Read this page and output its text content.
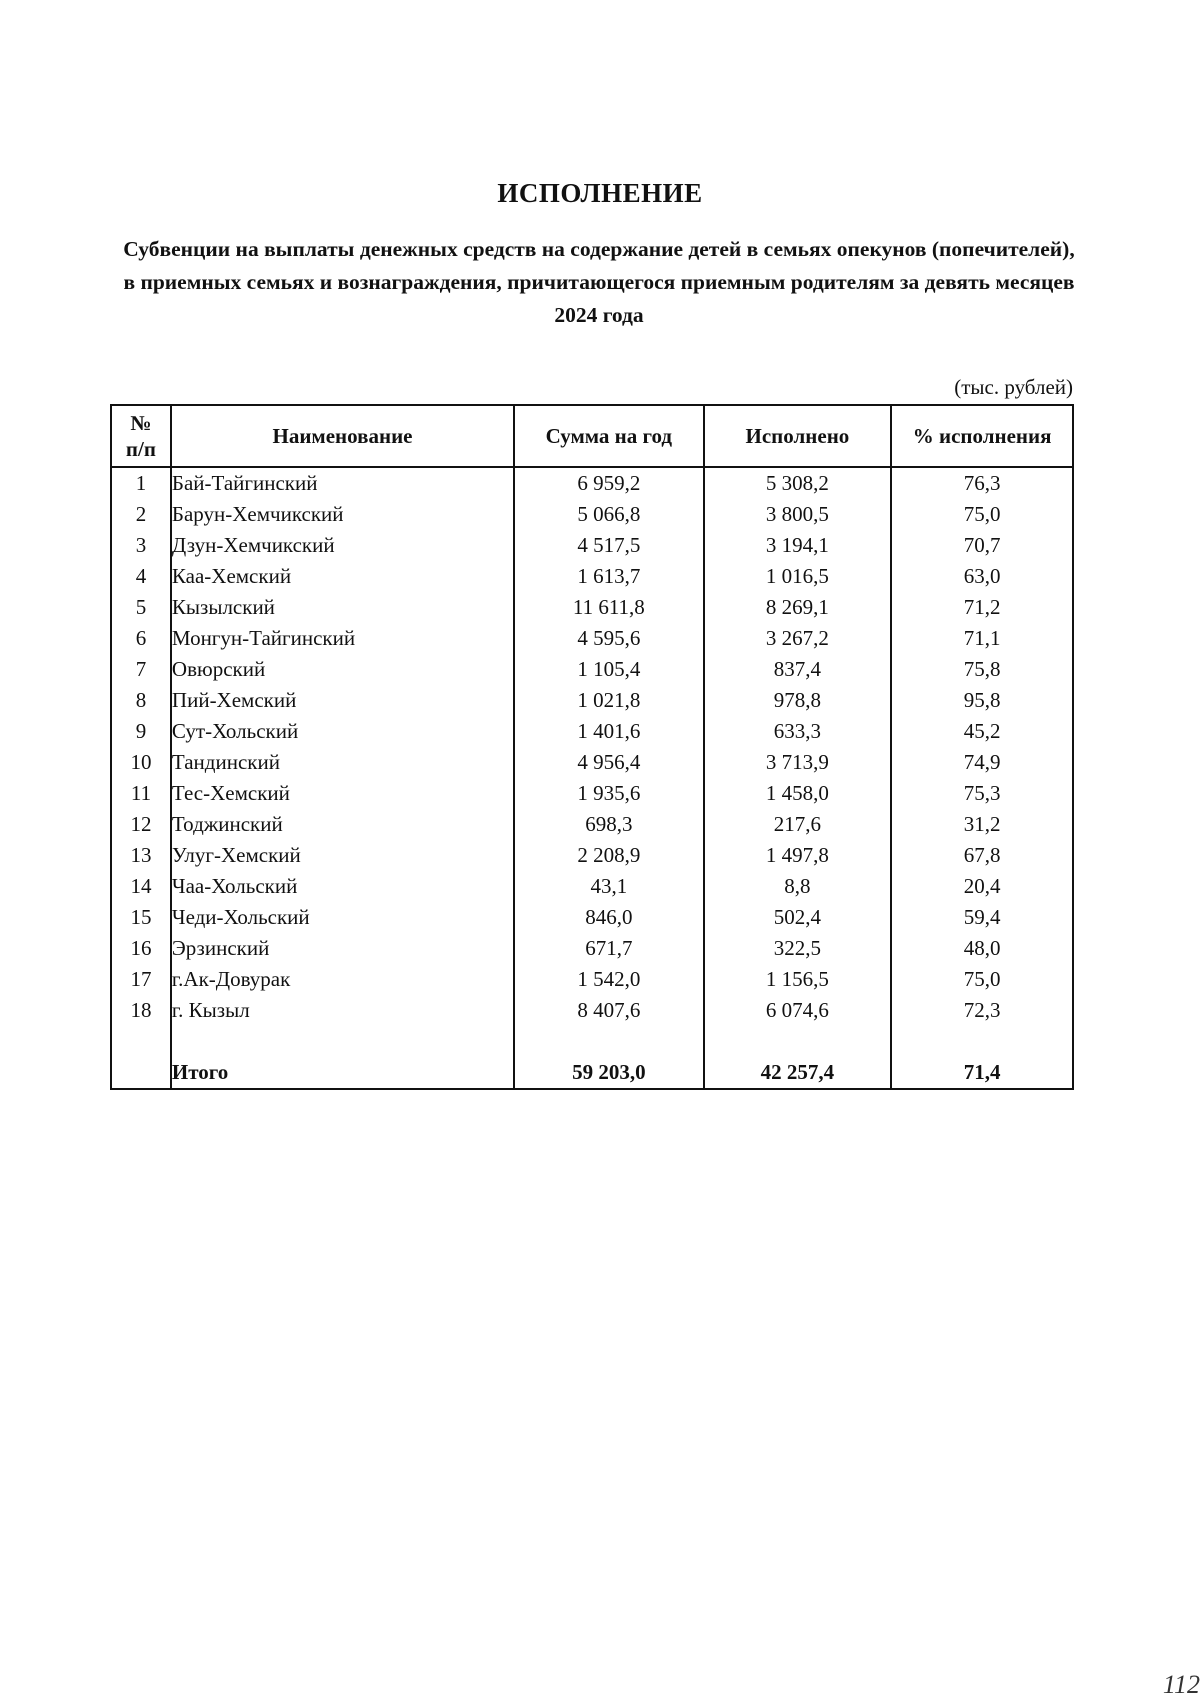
ИСПОЛНЕНИЕ
Субвенции на выплаты денежных средств на содержание детей в семьях опекунов (попечителей), в приемных семьях и вознаграждения, причитающегося приемным родителям за девять месяцев 2024 года
(тыс. рублей)
№ п/п	Наименование	Сумма на год	Исполнено	% исполнения
1	Бай-Тайгинский	6 959,2	5 308,2	76,3
2	Барун-Хемчикский	5 066,8	3 800,5	75,0
3	Дзун-Хемчикский	4 517,5	3 194,1	70,7
4	Каа-Хемский	1 613,7	1 016,5	63,0
5	Кызылский	11 611,8	8 269,1	71,2
6	Монгун-Тайгинский	4 595,6	3 267,2	71,1
7	Овюрский	1 105,4	837,4	75,8
8	Пий-Хемский	1 021,8	978,8	95,8
9	Сут-Хольский	1 401,6	633,3	45,2
10	Тандинский	4 956,4	3 713,9	74,9
11	Тес-Хемский	1 935,6	1 458,0	75,3
12	Тоджинский	698,3	217,6	31,2
13	Улуг-Хемский	2 208,9	1 497,8	67,8
14	Чаа-Хольский	43,1	8,8	20,4
15	Чеди-Хольский	846,0	502,4	59,4
16	Эрзинский	671,7	322,5	48,0
17	г.Ак-Довурак	1 542,0	1 156,5	75,0
18	г. Кызыл	8 407,6	6 074,6	72,3

	Итого	59 203,0	42 257,4	71,4
112
